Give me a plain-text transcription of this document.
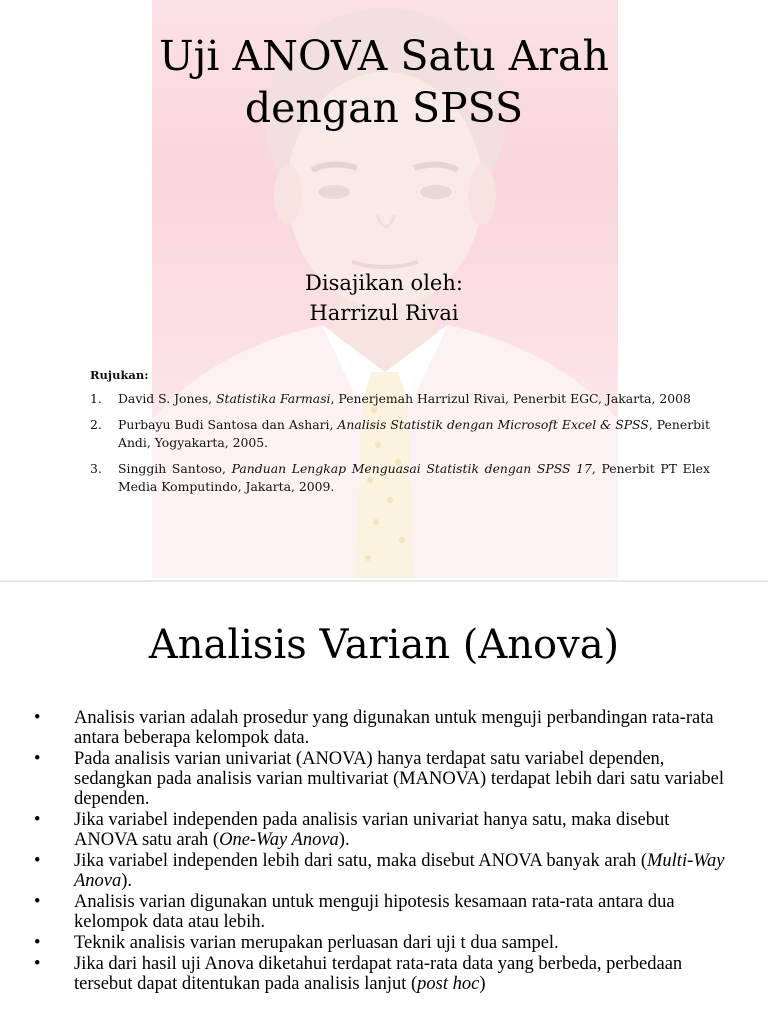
Uji ANOVA Satu Arah
dengan SPSS
Disajikan oleh:
Harrizul Rivai
Rujukan:
1. David S. Jones, Statistika Farmasi, Penerjemah Harrizul Rivai, Penerbit EGC, Jakarta, 2008
2. Purbayu Budi Santosa dan Ashari, Analisis Statistik dengan Microsoft Excel & SPSS, Penerbit Andi, Yogyakarta, 2005.
3. Singgih Santoso, Panduan Lengkap Menguasai Statistik dengan SPSS 17, Penerbit PT Elex Media Komputindo, Jakarta, 2009.
Analisis Varian (Anova)
• Analisis varian adalah prosedur yang digunakan untuk menguji perbandingan rata-rata antara beberapa kelompok data.
• Pada analisis varian univariat (ANOVA) hanya terdapat satu variabel dependen, sedangkan pada analisis varian multivariat (MANOVA) terdapat lebih dari satu variabel dependen.
• Jika variabel independen pada analisis varian univariat hanya satu, maka disebut ANOVA satu arah (One-Way Anova).
• Jika variabel independen lebih dari satu, maka disebut ANOVA banyak arah (Multi-Way Anova).
• Analisis varian digunakan untuk menguji hipotesis kesamaan rata-rata antara dua kelompok data atau lebih.
• Teknik analisis varian merupakan perluasan dari uji t dua sampel.
• Jika dari hasil uji Anova diketahui terdapat rata-rata data yang berbeda, perbedaan tersebut dapat ditentukan pada analisis lanjut (post hoc)
